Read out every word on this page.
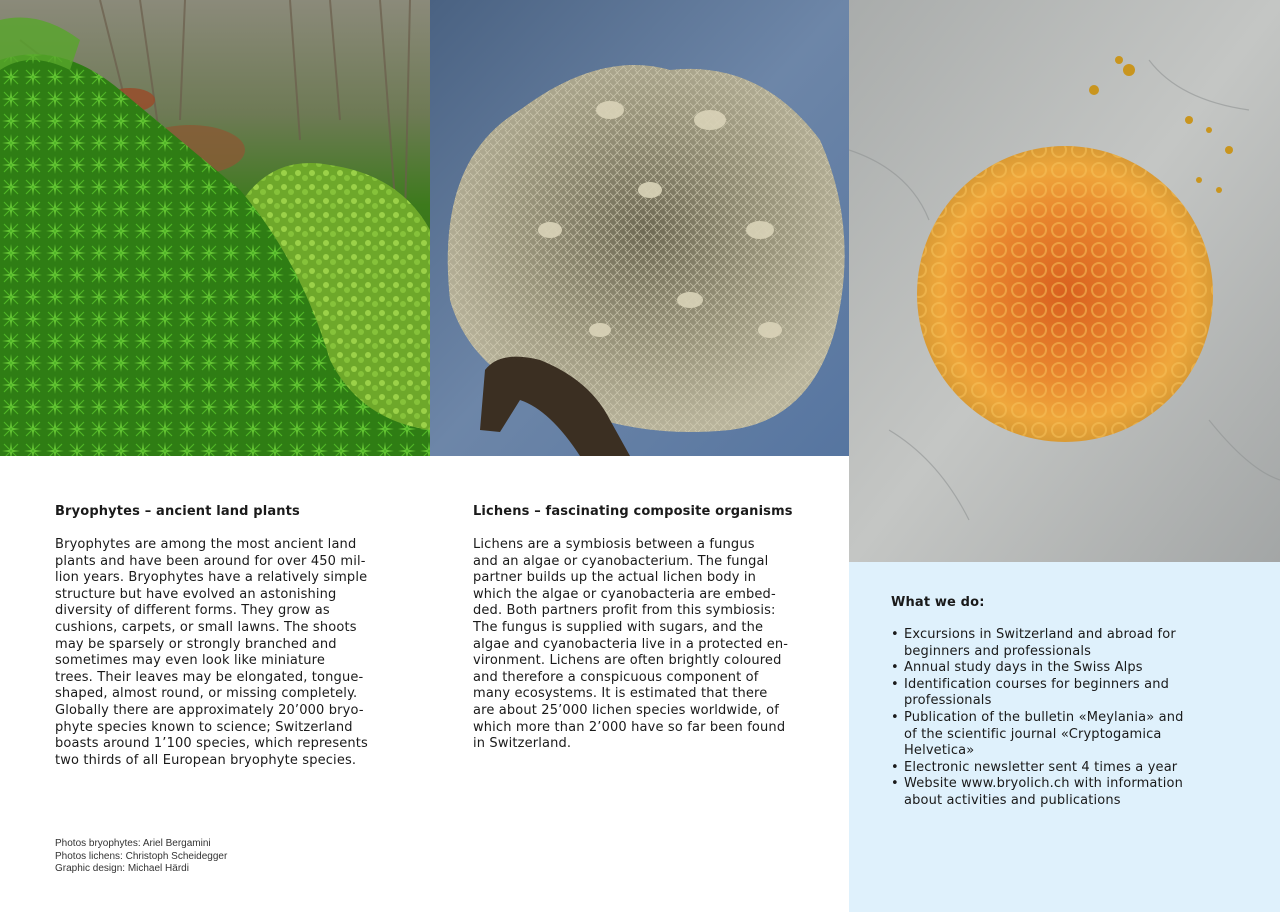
Bryophytes – ancient land plants
Bryophytes are among the most ancient land
plants and have been around for over 450 mil-
lion years. Bryophytes have a relatively simple
structure but have evolved an astonishing
diversity of different forms. They grow as
cushions, carpets, or small lawns. The shoots
may be sparsely or strongly branched and
sometimes may even look like miniature
trees. Their leaves may be elongated, tongue-
shaped, almost round, or missing completely.
Globally there are approximately 20’000 bryo-
phyte species known to science; Switzerland
boasts around 1’100 species, which represents
two thirds of all European bryophyte species.
Lichens – fascinating composite organisms
Lichens are a symbiosis between a fungus
and an algae or cyanobacterium. The fungal
partner builds up the actual lichen body in
which the algae or cyanobacteria are embed-
ded. Both partners profit from this symbiosis:
The fungus is supplied with sugars, and the
algae and cyanobacteria live in a protected en-
vironment. Lichens are often brightly coloured
and therefore a conspicuous component of
many ecosystems. It is estimated that there
are about 25’000 lichen species worldwide, of
which more than 2’000 have so far been found
in Switzerland.
What we do:
• Excursions in Switzerland and abroad for
beginners and professionals
• Annual study days in the Swiss Alps
• Identification courses for beginners and
professionals
• Publication of the bulletin «Meylania» and
of the scientific journal «Cryptogamica
Helvetica»
• Electronic newsletter sent 4 times a year
• Website www.bryolich.ch with information
about activities and publications
Photos bryophytes: Ariel Bergamini
Photos lichens: Christoph Scheidegger
Graphic design: Michael Härdi
